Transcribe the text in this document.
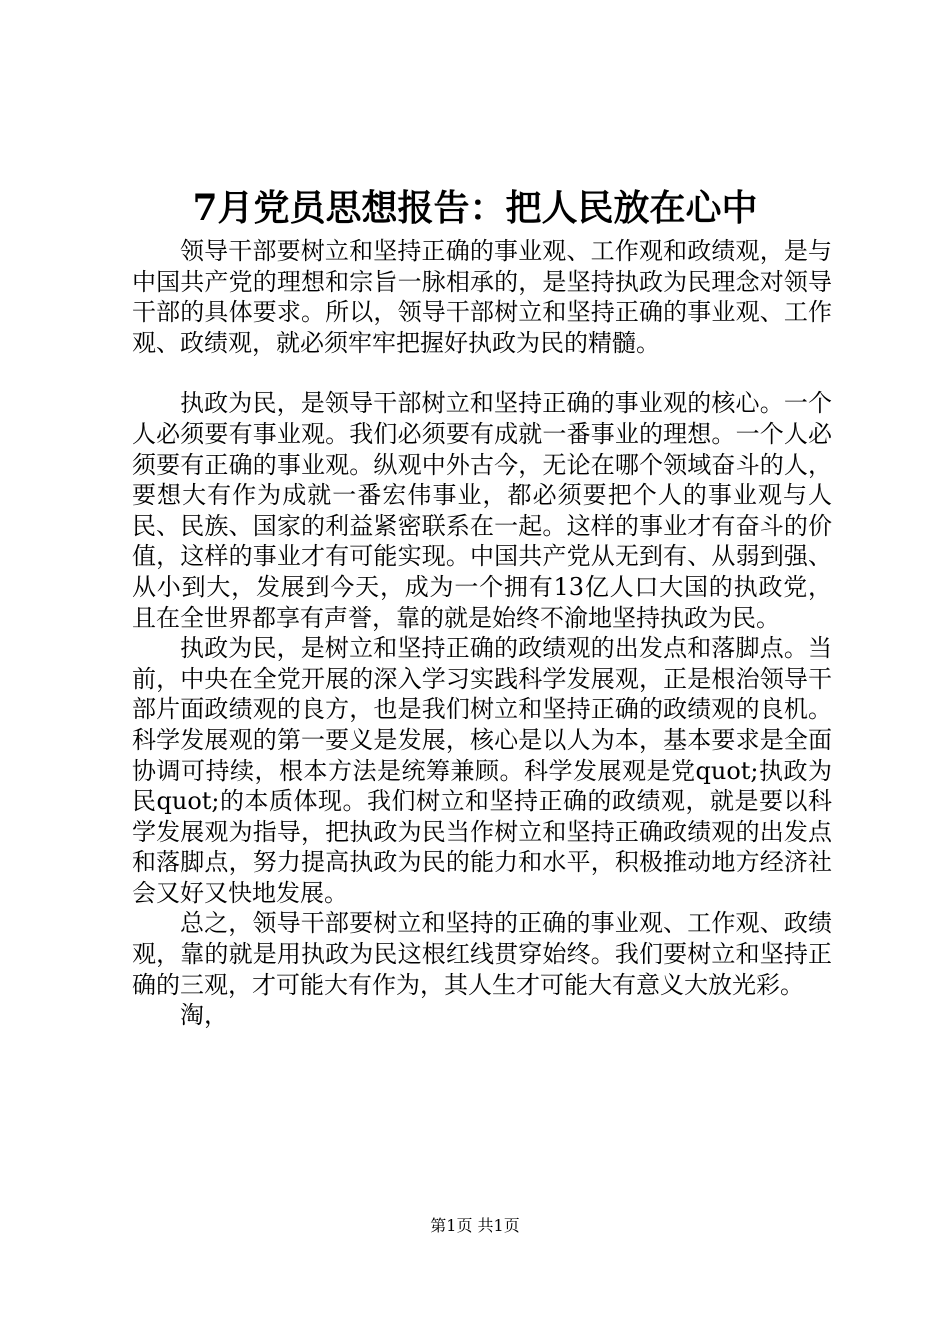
7月党员思想报告：把人民放在心中

领导干部要树立和坚持正确的事业观、工作观和政绩观，是与中国共产党的理想和宗旨一脉相承的，是坚持执政为民理念对领导干部的具体要求。所以，领导干部树立和坚持正确的事业观、工作观、政绩观，就必须牢牢把握好执政为民的精髓。

执政为民，是领导干部树立和坚持正确的事业观的核心。一个人必须要有事业观。我们必须要有成就一番事业的理想。一个人必须要有正确的事业观。纵观中外古今，无论在哪个领域奋斗的人，要想大有作为成就一番宏伟事业，都必须要把个人的事业观与人民、民族、国家的利益紧密联系在一起。这样的事业才有奋斗的价值，这样的事业才有可能实现。中国共产党从无到有、从弱到强、从小到大，发展到今天，成为一个拥有13亿人口大国的执政党，且在全世界都享有声誉，靠的就是始终不渝地坚持执政为民。

执政为民，是树立和坚持正确的政绩观的出发点和落脚点。当前，中央在全党开展的深入学习实践科学发展观，正是根治领导干部片面政绩观的良方，也是我们树立和坚持正确的政绩观的良机。科学发展观的第一要义是发展，核心是以人为本，基本要求是全面协调可持续，根本方法是统筹兼顾。科学发展观是党quot;执政为民quot;的本质体现。我们树立和坚持正确的政绩观，就是要以科学发展观为指导，把执政为民当作树立和坚持正确政绩观的出发点和落脚点，努力提高执政为民的能力和水平，积极推动地方经济社会又好又快地发展。

总之，领导干部要树立和坚持的正确的事业观、工作观、政绩观，靠的就是用执政为民这根红线贯穿始终。我们要树立和坚持正确的三观，才可能大有作为，其人生才可能大有意义大放光彩。

淘，

第1页 共1页
